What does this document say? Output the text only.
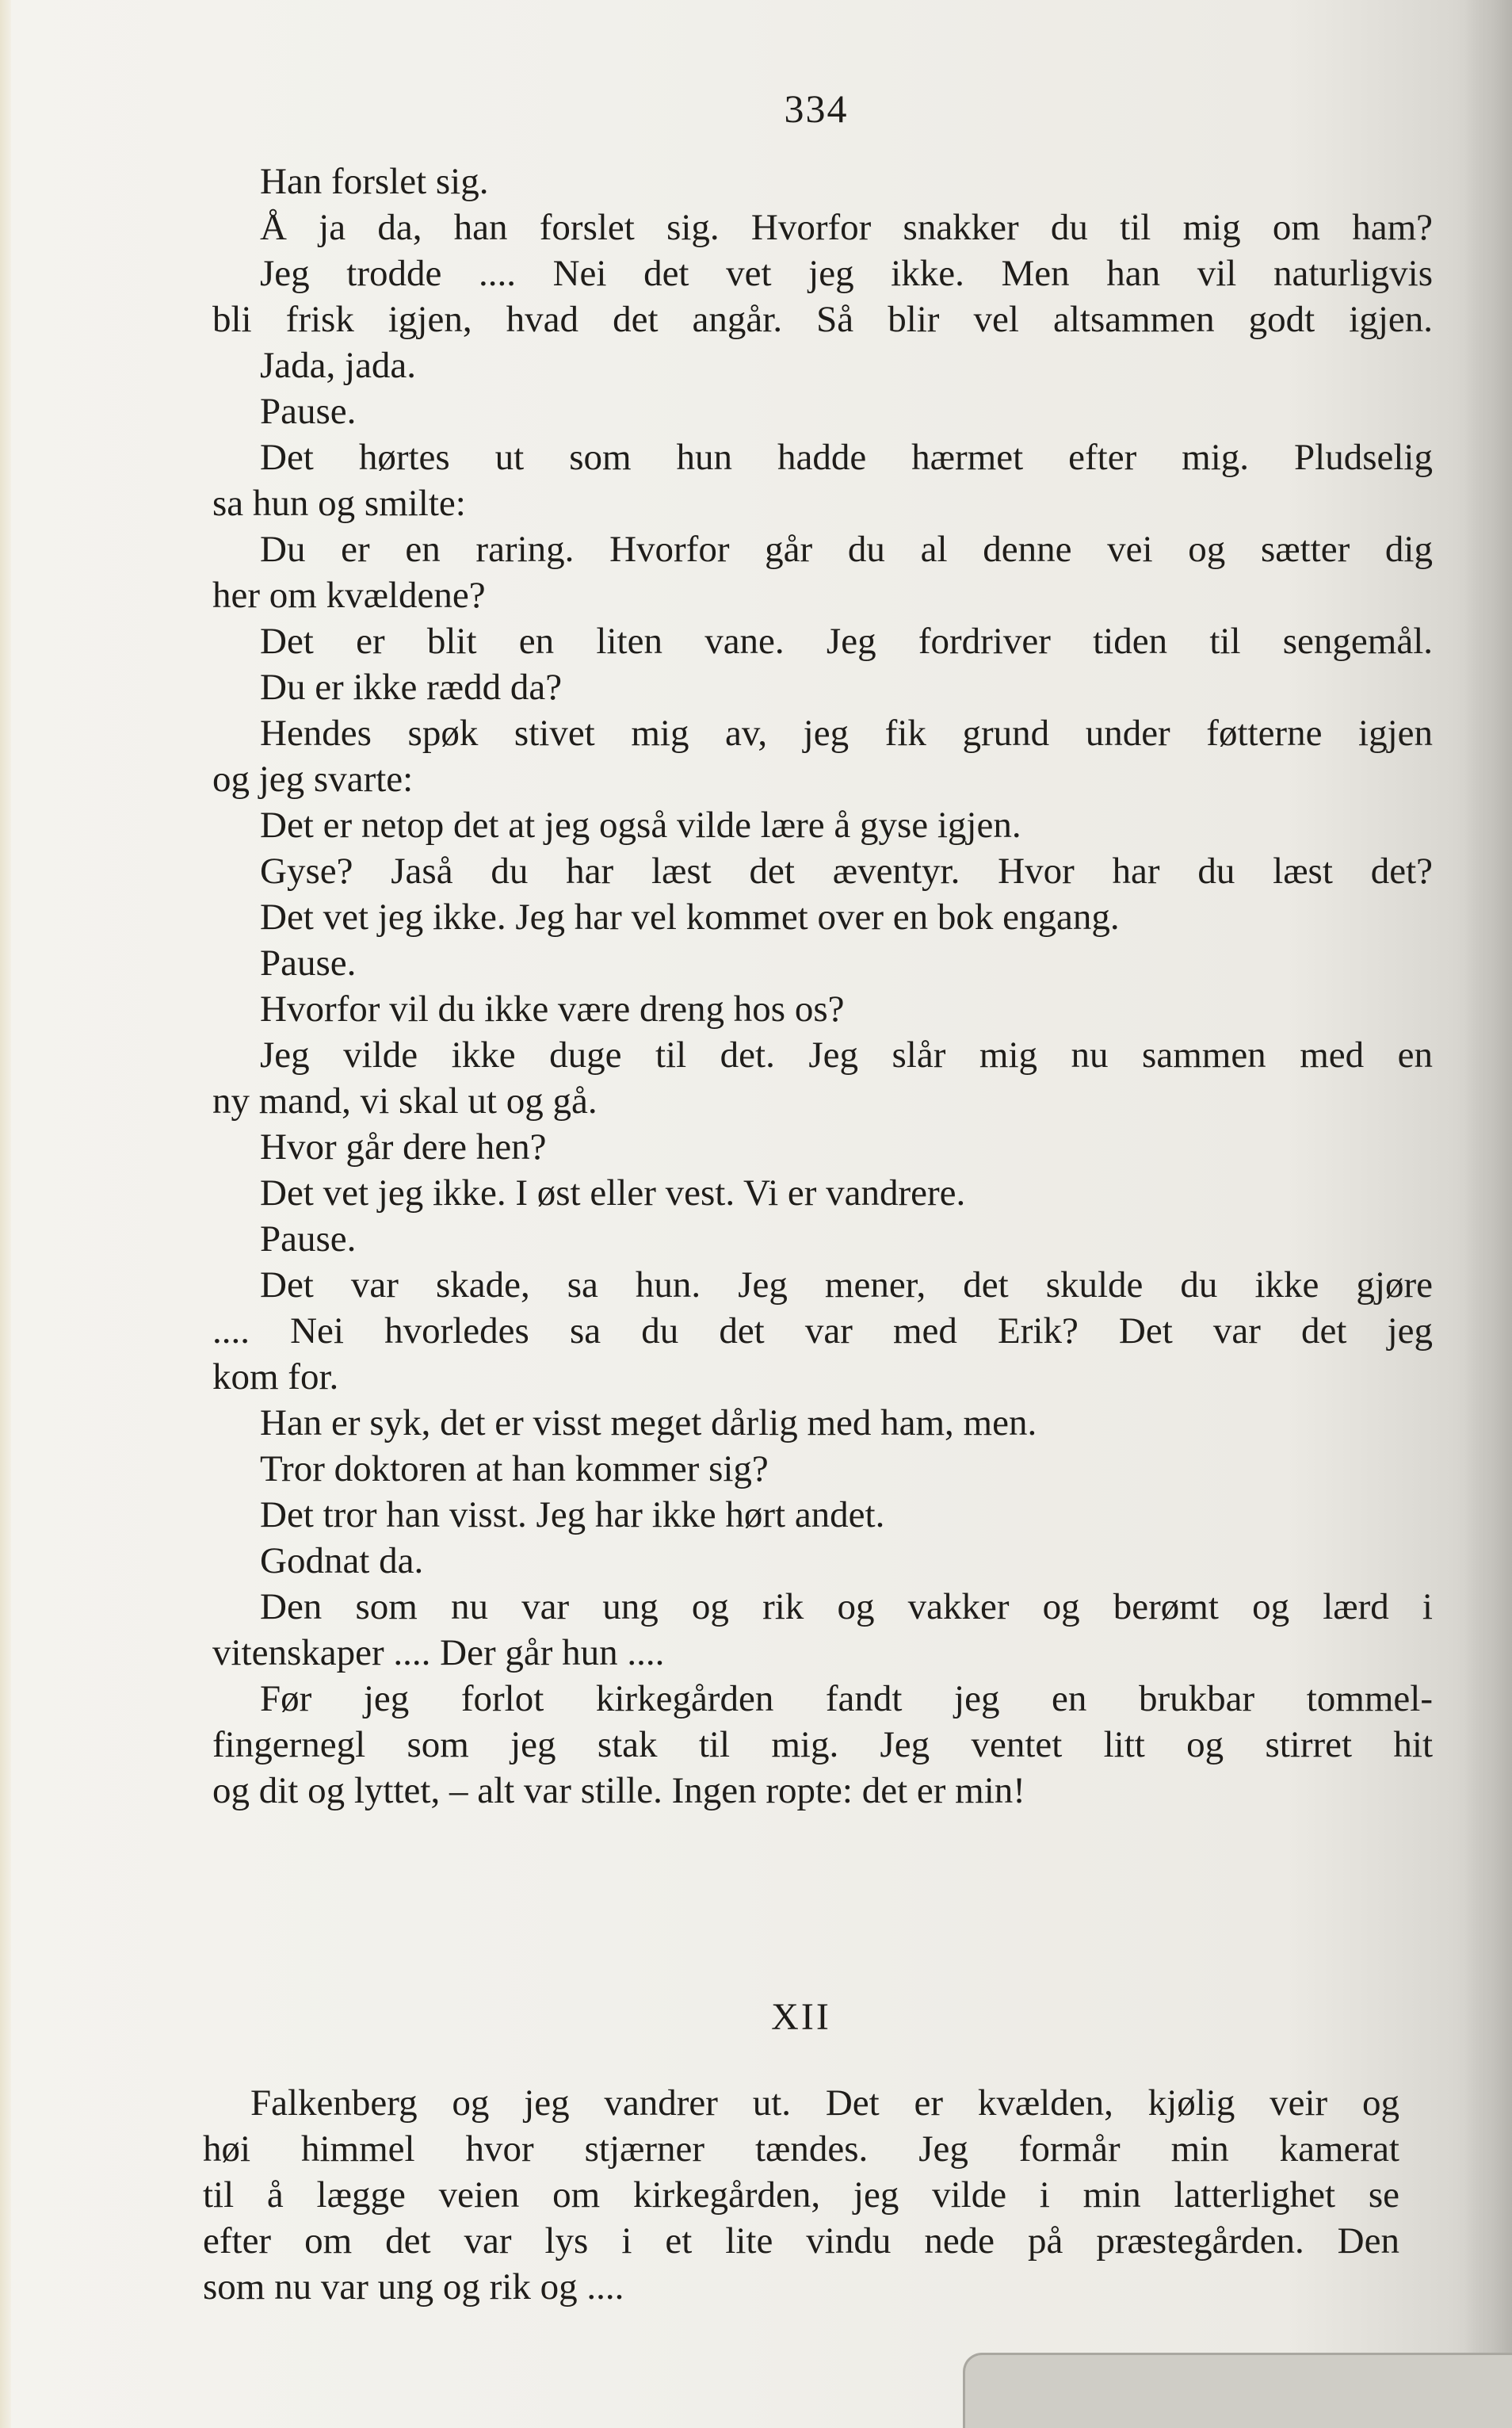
334
Han forslet sig.
Å ja da, han forslet sig. Hvorfor snakker du til mig om ham?
Jeg trodde .... Nei det vet jeg ikke. Men han vil naturligvis
bli frisk igjen, hvad det angår. Så blir vel altsammen godt igjen.
Jada, jada.
Pause.
Det hørtes ut som hun hadde hærmet efter mig. Pludselig
sa hun og smilte:
Du er en raring. Hvorfor går du al denne vei og sætter dig
her om kvældene?
Det er blit en liten vane. Jeg fordriver tiden til sengemål.
Du er ikke rædd da?
Hendes spøk stivet mig av, jeg fik grund under føtterne igjen
og jeg svarte:
Det er netop det at jeg også vilde lære å gyse igjen.
Gyse? Jaså du har læst det æventyr. Hvor har du læst det?
Det vet jeg ikke. Jeg har vel kommet over en bok engang.
Pause.
Hvorfor vil du ikke være dreng hos os?
Jeg vilde ikke duge til det. Jeg slår mig nu sammen med en
ny mand, vi skal ut og gå.
Hvor går dere hen?
Det vet jeg ikke. I øst eller vest. Vi er vandrere.
Pause.
Det var skade, sa hun. Jeg mener, det skulde du ikke gjøre
.... Nei hvorledes sa du det var med Erik? Det var det jeg
kom for.
Han er syk, det er visst meget dårlig med ham, men.
Tror doktoren at han kommer sig?
Det tror han visst. Jeg har ikke hørt andet.
Godnat da.
Den som nu var ung og rik og vakker og berømt og lærd i
vitenskaper .... Der går hun ....
Før jeg forlot kirkegården fandt jeg en brukbar tommel-
fingernegl som jeg stak til mig. Jeg ventet litt og stirret hit
og dit og lyttet, – alt var stille. Ingen ropte: det er min!
XII
Falkenberg og jeg vandrer ut. Det er kvælden, kjølig veir og
høi himmel hvor stjærner tændes. Jeg formår min kamerat
til å lægge veien om kirkegården, jeg vilde i min latterlighet se
efter om det var lys i et lite vindu nede på præstegården. Den
som nu var ung og rik og ....
